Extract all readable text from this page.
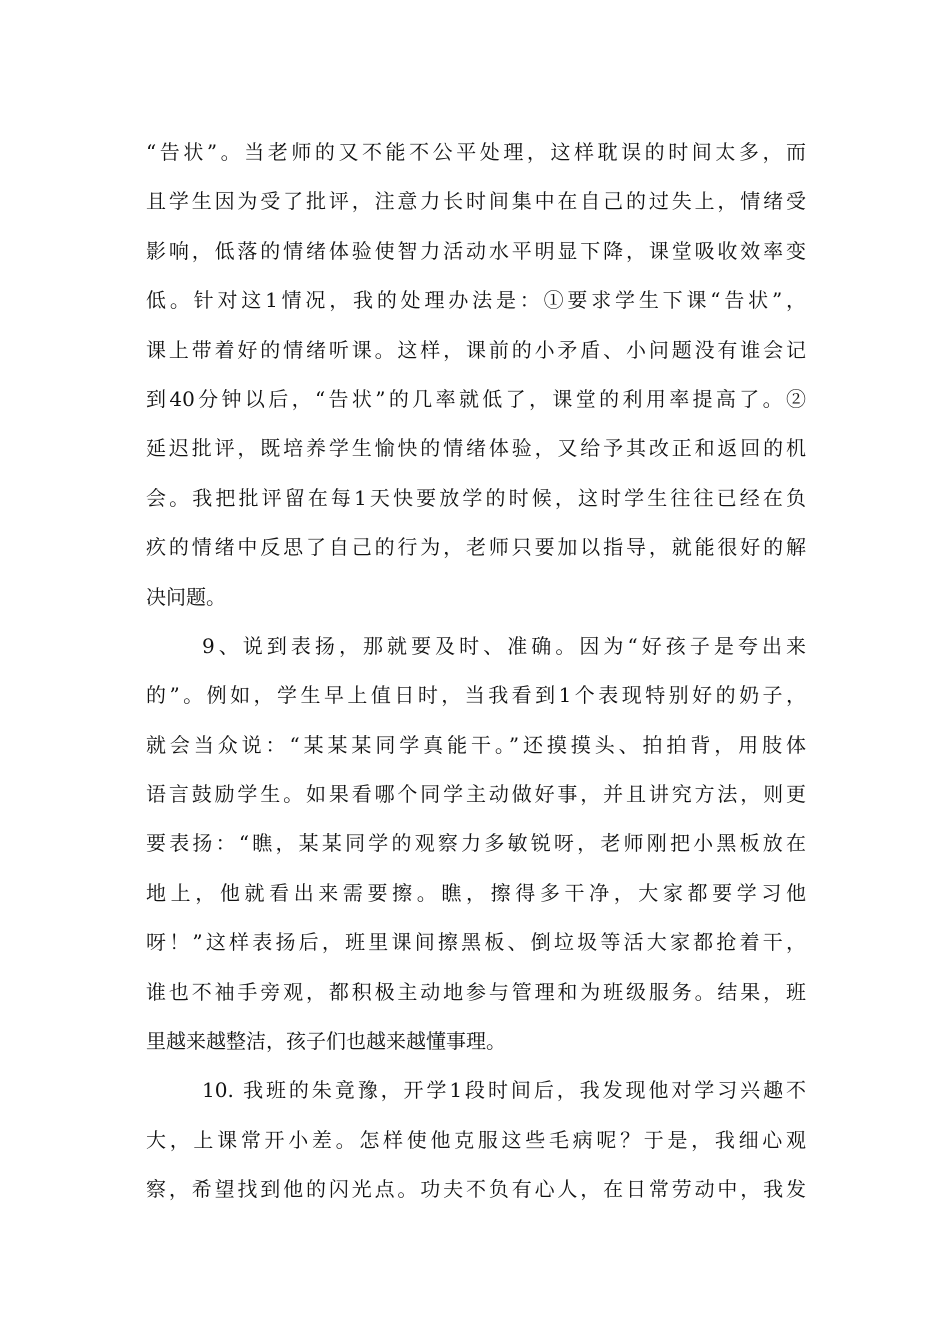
“告状”。当老师的又不能不公平处理，这样耽误的时间太多，而
且学生因为受了批评，注意力长时间集中在自己的过失上，情绪受
影响，低落的情绪体验使智力活动水平明显下降，课堂吸收效率变
低。针对这1情况，我的处理办法是：①要求学生下课“告状”，
课上带着好的情绪听课。这样，课前的小矛盾、小问题没有谁会记
到40分钟以后，“告状”的几率就低了，课堂的利用率提高了。②
延迟批评，既培养学生愉快的情绪体验，又给予其改正和返回的机
会。我把批评留在每1天快要放学的时候，这时学生往往已经在负
疚的情绪中反思了自己的行为，老师只要加以指导，就能很好的解
决问题。
9、说到表扬，那就要及时、准确。因为“好孩子是夸出来
的”。例如，学生早上值日时，当我看到1个表现特别好的奶子，
就会当众说：“某某某同学真能干。”还摸摸头、拍拍背，用肢体
语言鼓励学生。如果看哪个同学主动做好事，并且讲究方法，则更
要表扬：“瞧，某某同学的观察力多敏锐呀，老师刚把小黑板放在
地上，他就看出来需要擦。瞧，擦得多干净，大家都要学习他
呀！”这样表扬后，班里课间擦黑板、倒垃圾等活大家都抢着干，
谁也不袖手旁观，都积极主动地参与管理和为班级服务。结果，班
里越来越整洁，孩子们也越来越懂事理。
10. 我班的朱竟豫，开学1段时间后，我发现他对学习兴趣不
大，上课常开小差。怎样使他克服这些毛病呢？于是，我细心观
察，希望找到他的闪光点。功夫不负有心人，在日常劳动中，我发
